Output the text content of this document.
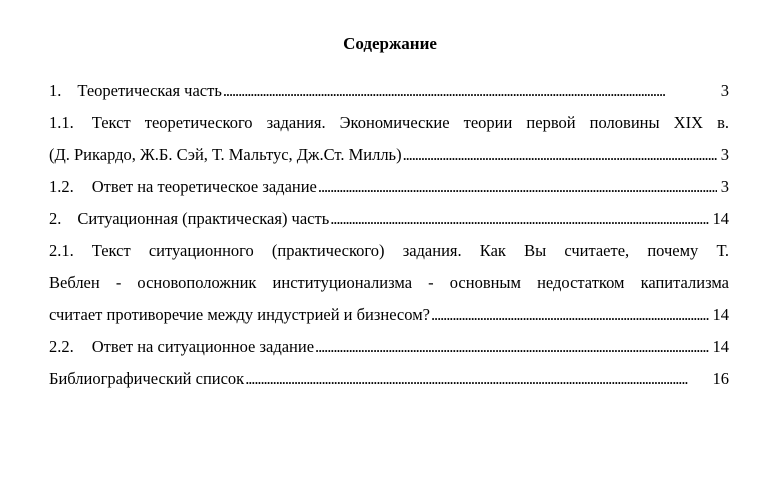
Содержание
1. Теоретическая часть . . .	3
1.1. Текст теоретического задания. Экономические теории первой половины XIX в.
(Д. Рикардо, Ж.Б. Сэй, Т. Мальтус, Дж.Ст. Милль) . . .	3
1.2.	Ответ на теоретическое задание . . .	3
2. Ситуационная (практическая) часть . . .	14
2.1. Текст ситуационного (практического) задания. Как Вы считаете, почему Т.
Веблен - основоположник институционализма - основным недостатком капитализма
считает противоречие между индустрией и бизнесом? . . .	14
2.2.	Ответ на ситуационное задание . . .	14
Библиографический список . . .	16
